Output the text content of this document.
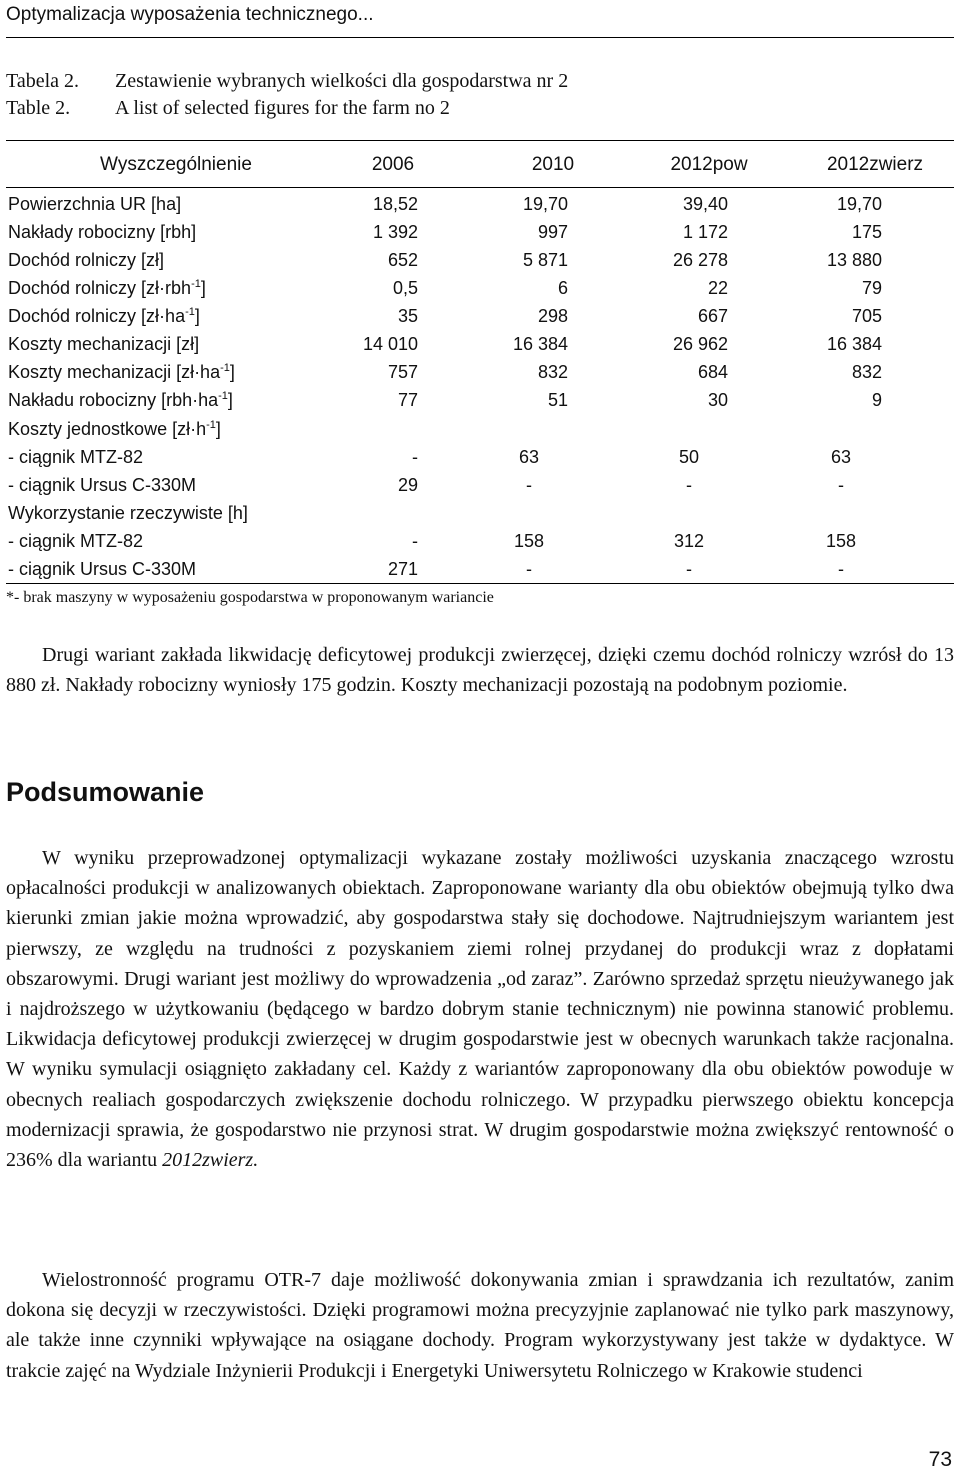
Optymalizacja wyposażenia technicznego...
Tabela 2. Zestawienie wybranych wielkości dla gospodarstwa nr 2
Table 2. A list of selected figures for the farm no 2
Wyszczególnienie	2006	2010	2012pow	2012zwierz
Powierzchnia UR [ha]	18,52	19,70	39,40	19,70
Nakłady robocizny [rbh]	1 392	997	1 172	175
Dochód rolniczy [zł]	652	5 871	26 278	13 880
Dochód rolniczy [zł·rbh$^{-1}$]	0,5	6	22	79
Dochód rolniczy $[zł\cdot ha^{-1}]$	35	298	667	705
Koszty mechanizacji [zł]	14 010	16 384	26 962	16 384
Koszty mechanizacji $[zł\cdot ha^{-1}]$	757	832	684	832
Nakładu robocizny $[rbh\cdot ha^{-1}]$	77	51	30	9
Koszty jednostkowe $[zł\cdot h^{-1}]$
- ciągnik MTZ-82	-	63	50	63
- ciągnik Ursus C-330M	29	-	-	-
Wykorzystanie rzeczywiste [h]
- ciągnik MTZ-82	-	158	312	158
- ciągnik Ursus C-330M	271	-	-	-
*- brak maszyny w wyposażeniu gospodarstwa w proponowanym wariancie

Drugi wariant zakłada likwidację deficytowej produkcji zwierzęcej, dzięki czemu dochód rolniczy wzrósł do 13 880 zł. Nakłady robocizny wyniosły 175 godzin. Koszty mechanizacji pozostają na podobnym poziomie.

Podsumowanie

W wyniku przeprowadzonej optymalizacji wykazane zostały możliwości uzyskania znaczącego wzrostu opłacalności produkcji w analizowanych obiektach. Zaproponowane warianty dla obu obiektów obejmują tylko dwa kierunki zmian jakie można wprowadzić, aby gospodarstwa stały się dochodowe. Najtrudniejszym wariantem jest pierwszy, ze względu na trudności z pozyskaniem ziemi rolnej przydanej do produkcji wraz z dopłatami obszarowymi. Drugi wariant jest możliwy do wprowadzenia „od zaraz”. Zarówno sprzedaż sprzętu nieużywanego jak i najdroższego w użytkowaniu (będącego w bardzo dobrym stanie technicznym) nie powinna stanowić problemu. Likwidacja deficytowej produkcji zwierzęcej w drugim gospodarstwie jest w obecnych warunkach także racjonalna. W wyniku symulacji osiągnięto zakładany cel. Każdy z wariantów zaproponowany dla obu obiektów powoduje w obecnych realiach gospodarczych zwiększenie dochodu rolniczego. W przypadku pierwszego obiektu koncepcja modernizacji sprawia, że gospodarstwo nie przynosi strat. W drugim gospodarstwie można zwiększyć rentowność o 236% dla wariantu 2012zwierz.

Wielostronność programu OTR-7 daje możliwość dokonywania zmian i sprawdzania ich rezultatów, zanim dokona się decyzji w rzeczywistości. Dzięki programowi można precyzyjnie zaplanować nie tylko park maszynowy, ale także inne czynniki wpływające na osiągane dochody. Program wykorzystywany jest także w dydaktyce. W trakcie zajęć na Wydziale Inżynierii Produkcji i Energetyki Uniwersytetu Rolniczego w Krakowie studenci

73
